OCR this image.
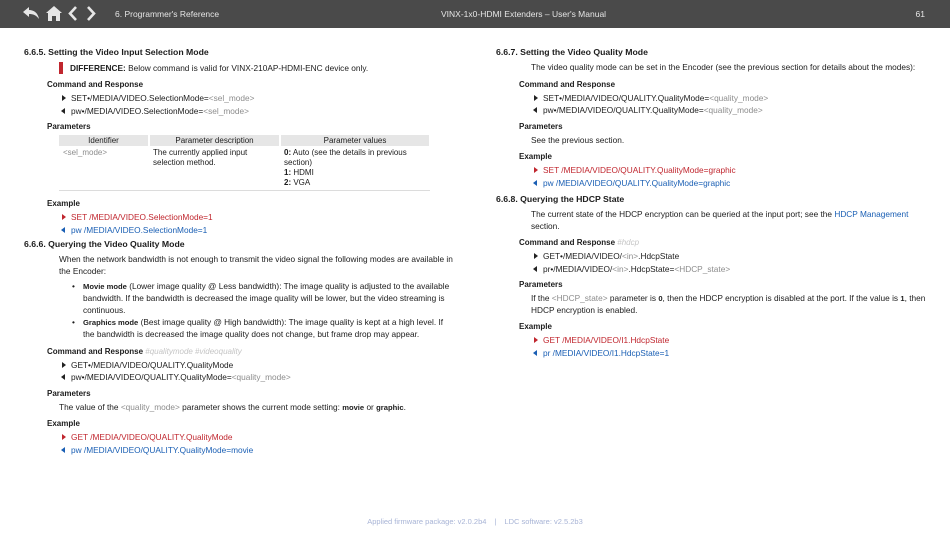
6. Programmer's Reference	VINX-1x0-HDMI Extenders – User's Manual	61
6.6.5. Setting the Video Input Selection Mode
DIFFERENCE: Below command is valid for VINX-210AP-HDMI-ENC device only.
Command and Response
SET•/MEDIA/VIDEO.SelectionMode=<sel_mode>
pw•/MEDIA/VIDEO.SelectionMode=<sel_mode>
Parameters
Identifier	Parameter description	Parameter values
<sel_mode>	The currently applied input selection method.	0: Auto (see the details in previous section)
1: HDMI
2: VGA
Example
SET /MEDIA/VIDEO.SelectionMode=1
pw /MEDIA/VIDEO.SelectionMode=1
6.6.6. Querying the Video Quality Mode
When the network bandwidth is not enough to transmit the video signal the following modes are available in the Encoder:
• Movie mode (Lower image quality @ Less bandwidth): The image quality is adjusted to the available bandwidth. If the bandwidth is decreased the image quality will be lower, but the video streaming is continuous.
• Graphics mode (Best image quality @ High bandwidth): The image quality is kept at a high level. If the bandwidth is decreased the image quality does not change, but frame drop may appear.
Command and Response #qualitymode #videoquality
GET•/MEDIA/VIDEO/QUALITY.QualityMode
pw•/MEDIA/VIDEO/QUALITY.QualityMode=<quality_mode>
Parameters
The value of the <quality_mode> parameter shows the current mode setting: movie or graphic.
Example
GET /MEDIA/VIDEO/QUALITY.QualityMode
pw /MEDIA/VIDEO/QUALITY.QualityMode=movie
6.6.7. Setting the Video Quality Mode
The video quality mode can be set in the Encoder (see the previous section for details about the modes):
Command and Response
SET•/MEDIA/VIDEO/QUALITY.QualityMode=<quality_mode>
pw•/MEDIA/VIDEO/QUALITY.QualityMode=<quality_mode>
Parameters
See the previous section.
Example
SET /MEDIA/VIDEO/QUALITY.QualityMode=graphic
pw /MEDIA/VIDEO/QUALITY.QualityMode=graphic
6.6.8. Querying the HDCP State
The current state of the HDCP encryption can be queried at the input port; see the HDCP Management section.
Command and Response #hdcp
GET•/MEDIA/VIDEO/<in>.HdcpState
pr•/MEDIA/VIDEO/<in>.HdcpState=<HDCP_state>
Parameters
If the <HDCP_state> parameter is 0, then the HDCP encryption is disabled at the port. If the value is 1, then HDCP encryption is enabled.
Example
GET /MEDIA/VIDEO/I1.HdcpState
pr /MEDIA/VIDEO/I1.HdcpState=1
Applied firmware package: v2.0.2b4 | LDC software: v2.5.2b3
